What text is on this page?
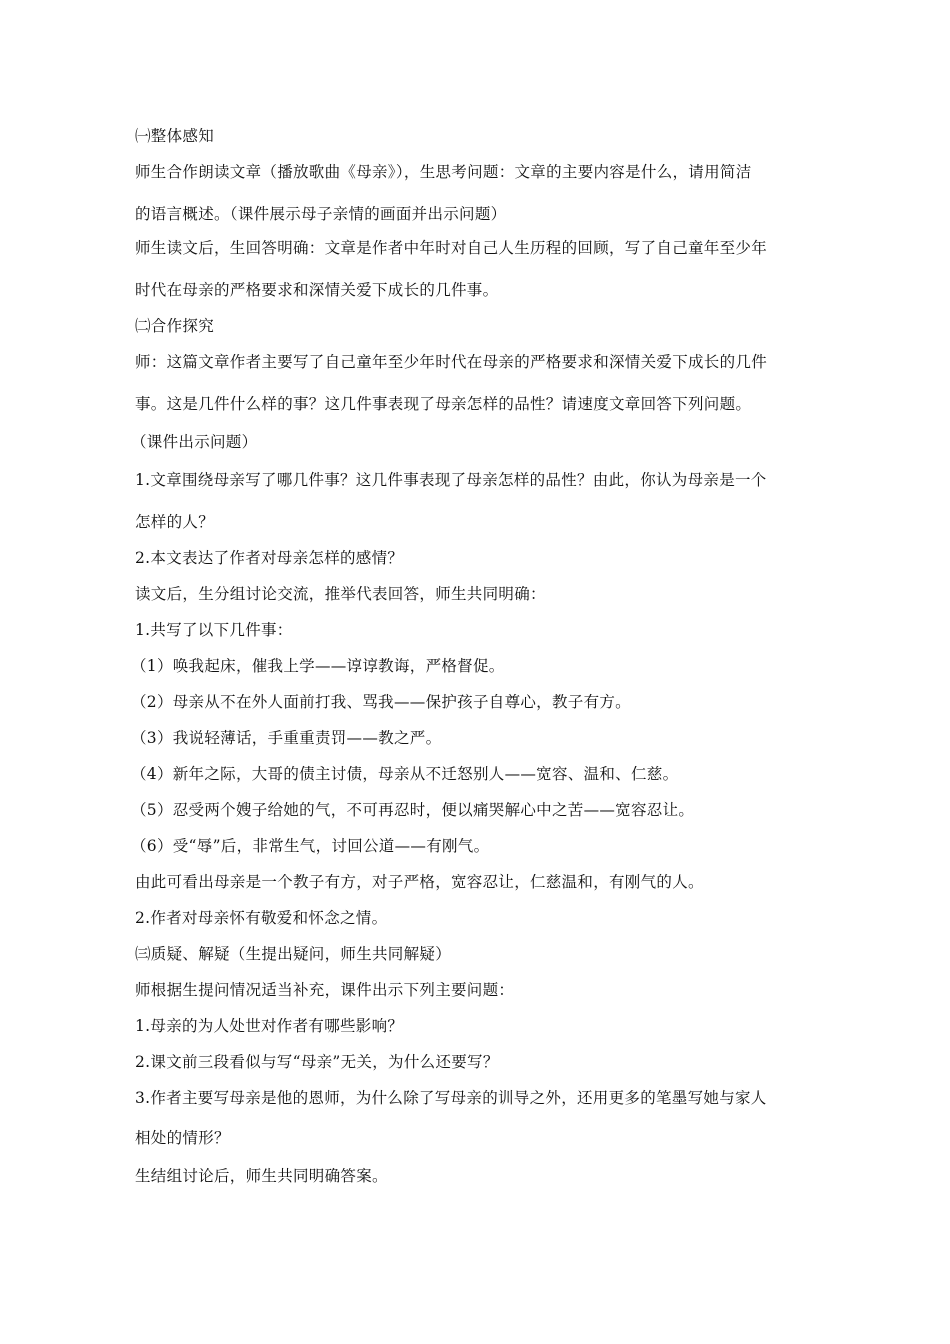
㈠整体感知
师生合作朗读文章（播放歌曲《母亲》），生思考问题：文章的主要内容是什么，请用简洁
的语言概述。（课件展示母子亲情的画面并出示问题）
师生读文后，生回答明确：文章是作者中年时对自己人生历程的回顾，写了自己童年至少年
时代在母亲的严格要求和深情关爱下成长的几件事。
㈡合作探究
师：这篇文章作者主要写了自己童年至少年时代在母亲的严格要求和深情关爱下成长的几件
事。这是几件什么样的事？这几件事表现了母亲怎样的品性？请速度文章回答下列问题。
（课件出示问题）
1.文章围绕母亲写了哪几件事？这几件事表现了母亲怎样的品性？由此，你认为母亲是一个
怎样的人？
2.本文表达了作者对母亲怎样的感情？
读文后，生分组讨论交流，推举代表回答，师生共同明确：
1.共写了以下几件事：
（1）唤我起床，催我上学——谆谆教诲，严格督促。
（2）母亲从不在外人面前打我、骂我——保护孩子自尊心，教子有方。
（3）我说轻薄话，手重重责罚——教之严。
（4）新年之际，大哥的债主讨债，母亲从不迁怒别人——宽容、温和、仁慈。
（5）忍受两个嫂子给她的气，不可再忍时，便以痛哭解心中之苦——宽容忍让。
（6）受“辱”后，非常生气，讨回公道——有刚气。
由此可看出母亲是一个教子有方，对子严格，宽容忍让，仁慈温和，有刚气的人。
2.作者对母亲怀有敬爱和怀念之情。
㈢质疑、解疑（生提出疑问，师生共同解疑）
师根据生提问情况适当补充，课件出示下列主要问题：
1.母亲的为人处世对作者有哪些影响？
2.课文前三段看似与写“母亲”无关，为什么还要写？
3.作者主要写母亲是他的恩师，为什么除了写母亲的训导之外，还用更多的笔墨写她与家人
相处的情形？
生结组讨论后，师生共同明确答案。
